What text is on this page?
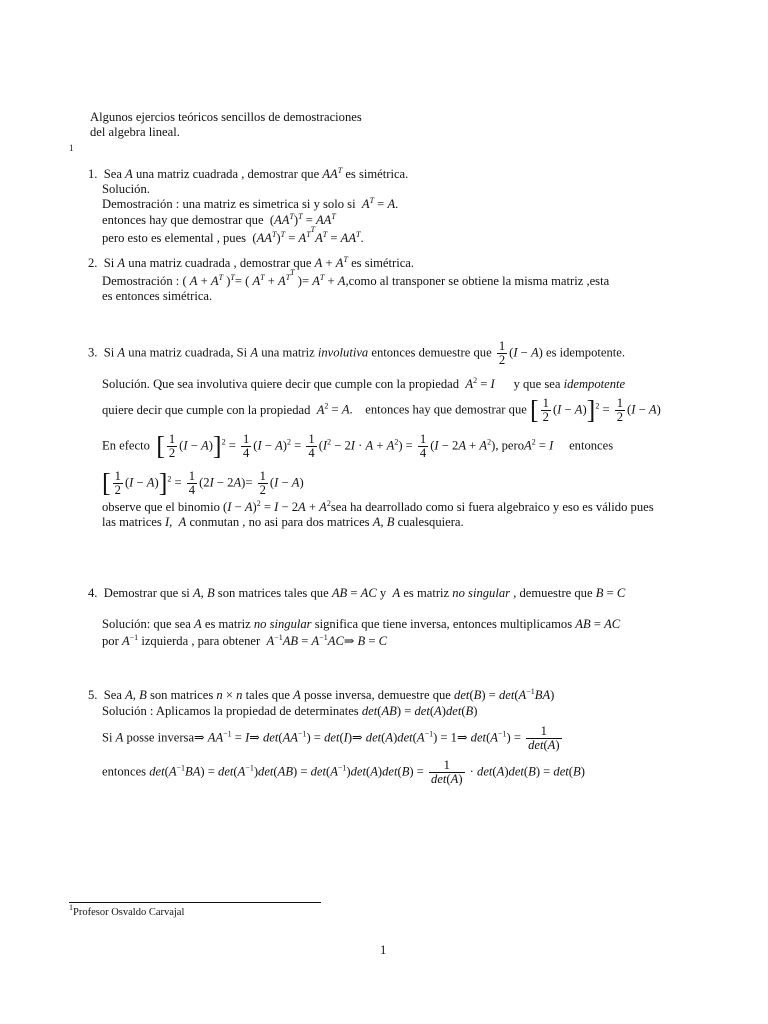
Algunos ejercios teóricos sencillos de demostraciones
del algebra lineal.
1
1. Sea A una matriz cuadrada , demostrar que $AA^T$ es simétrica.
Solución.
Demostración : una matriz es simetrica si y solo si $A^T = A$.
entonces hay que demostrar que  $(AA^T)^T = AA^T$
pero esto es elemental , pues  $(AA^T)^T = A^{T^T}A^T = AA^T$.
2. Si A una matriz cuadrada , demostrar que $A + A^T$ es simétrica.
Demostración : ( $A + A^T$ )$^T$= ( $A^T + A^{T^T}$ )= $A^T$ + A,como al transponer se obtiene la misma matriz ,esta
es entonces simétrica.
3. Si A una matriz cuadrada, Si A una matriz involutiva entonces demuestre que $\frac{1}{2} (I - A)$ es idempotente.
Solución. Que sea involutiva quiere decir que cumple con la propiedad $A^2 = I$ y que sea idempotente
quiere decir que cumple con la propiedad $A^2 = A$.    entonces hay que demostrar que [ $\frac{1}{2} (I - A)]^2 = \frac{1}{2} (I - A)$
En efecto [ $\frac{1}{2} (I - A)]^2 = \frac{1}{4} (I - A)^2 = \frac{1}{4} (I^2 - 2I \cdot A + A^2) = \frac{1}{4} (I - 2A + A^2)$, peroA$^2$ = I entonces
[ $\frac{1}{2} (I - A)]^2 = \frac{1}{4} (2I - 2A)= \frac{1}{2} (I - A)$
observe que el binomio $(I - A)^2 = I - 2A + A^2sea$ ha dearrollado como si fuera algebraico y eso es válido pues
las matrices I,  A conmutan , no asi para dos matrices A, B cualesquiera.
4. Demostrar que si A, B son matrices tales que AB = AC y A es matriz no singular , demuestre que B = C
Solución: que sea A es matriz no singular significa que tiene inversa, entonces multiplicamos AB = AC
por $A^{-1}$ izquierda , para obtener $A^{-1}AB$ = $A^{-1}AC\Rightarrow$ B = C
5. Sea A, B son matrices n × n tales que A posse inversa, demuestre que $\det(B) = \det(A^{-1}BA)$
Solución : Aplicamos la propiedad de determinates det(AB) = det(A)det(B)
Si A posse inversa⇒ $AA^{-1}$ = I⇒ $\det(AA^{-1})$ = det(I)⇒ $\det(A)\det(A^{-1})$ = 1⇒ $\det(A^{-1}) = \frac{1}{\det(A)}$
entonces $\det(A^{-1}BA) = \det(A^{-1})\det(AB) = \det(A^{-1})\det(A)\det(B) = \frac{1}{\det(A)} \cdot \det(A)\det(B) = \det(B)$
$^1$Profesor Osvaldo Carvajal
1
